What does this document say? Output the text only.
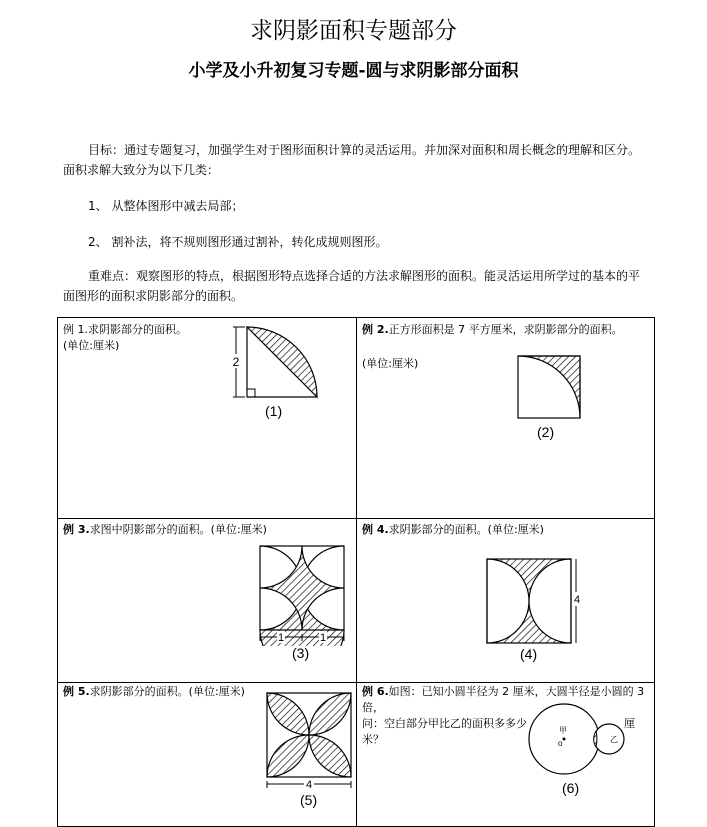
求阴影面积专题部分
小学及小升初复习专题-圆与求阴影部分面积
目标：通过专题复习，加强学生对于图形面积计算的灵活运用。并加深对面积和周长概念的理解和区分。面积求解大致分为以下几类：
1、 从整体图形中减去局部；
2、 割补法，将不规则图形通过割补，转化成规则图形。
重难点：观察图形的特点，根据图形特点选择合适的方法求解图形的面积。能灵活运用所学过的基本的平面图形的面积求阴影部分的面积。
例 1.求阴影部分的面积。
(单位:厘米)
2
(1)
例 2.正方形面积是 7 平方厘米，求阴影部分的面积。
(单位:厘米)
(2)
例 3.求图中阴影部分的面积。(单位:厘米)
1	1
(3)
例 4.求阴影部分的面积。(单位:厘米)
4
(4)
例 5.求阴影部分的面积。(单位:厘米)
4
(5)
例 6.如图：已知小圆半径为 2 厘米，大圆半径是小圆的 3 倍，
问：空白部分甲比乙的面积多多少	厘

米？
甲
o	乙
(6)
